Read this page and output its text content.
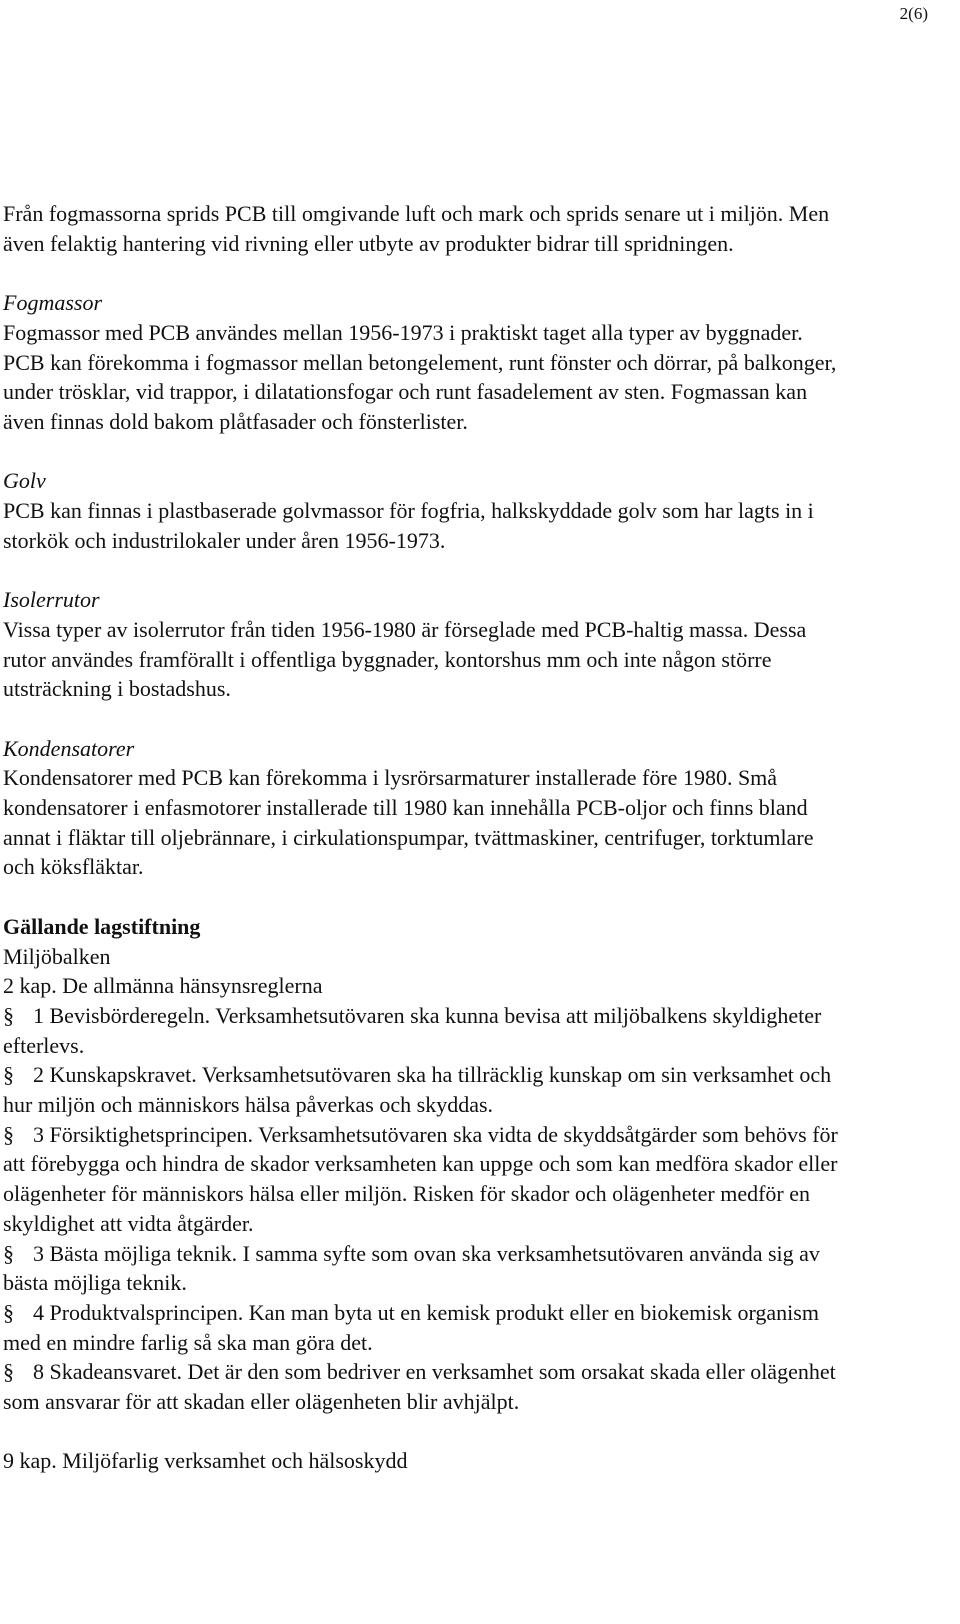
2(6)

Från fogmassorna sprids PCB till omgivande luft och mark och sprids senare ut i miljön. Men även felaktig hantering vid rivning eller utbyte av produkter bidrar till spridningen.

Fogmassor

Fogmassor med PCB användes mellan 1956-1973 i praktiskt taget alla typer av byggnader. PCB kan förekomma i fogmassor mellan betongelement, runt fönster och dörrar, på balkonger, under trösklar, vid trappor, i dilatationsfogar och runt fasadelement av sten. Fogmassan kan även finnas dold bakom plåtfasader och fönsterlister.

Golv

PCB kan finnas i plastbaserade golvmassor för fogfria, halkskyddade golv som har lagts in i storkök och industrilokaler under åren 1956-1973.

Isolerrutor

Vissa typer av isolerrutor från tiden 1956-1980 är förseglade med PCB-haltig massa. Dessa rutor användes framförallt i offentliga byggnader, kontorshus mm och inte någon större utsträckning i bostadshus.

Kondensatorer

Kondensatorer med PCB kan förekomma i lysrörsarmaturer installerade före 1980. Små kondensatorer i enfasmotorer installerade till 1980 kan innehålla PCB-oljor och finns bland annat i fläktar till oljebrännare, i cirkulationspumpar, tvättmaskiner, centrifuger, torktumlare och köksfläktar.

Gällande lagstiftning
Miljöbalken
2 kap. De allmänna hänsynsreglerna

§ 1 Bevisbörderegeln. Verksamhetsutövaren ska kunna bevisa att miljöbalkens skyldigheter efterlevs.

§ 2 Kunskapskravet. Verksamhetsutövaren ska ha tillräcklig kunskap om sin verksamhet och hur miljön och människors hälsa påverkas och skyddas.

§ 3 Försiktighetsprincipen. Verksamhetsutövaren ska vidta de skyddsåtgärder som behövs för att förebygga och hindra de skador verksamheten kan uppge och som kan medföra skador eller olägenheter för människors hälsa eller miljön. Risken för skador och olägenheter medför en skyldighet att vidta åtgärder.

§ 3 Bästa möjliga teknik. I samma syfte som ovan ska verksamhetsutövaren använda sig av bästa möjliga teknik.

§ 4 Produktvalsprincipen. Kan man byta ut en kemisk produkt eller en biokemisk organism med en mindre farlig så ska man göra det.

§ 8 Skadeansvaret. Det är den som bedriver en verksamhet som orsakat skada eller olägenhet som ansvarar för att skadan eller olägenheten blir avhjälpt.

9 kap. Miljöfarlig verksamhet och hälsoskydd
